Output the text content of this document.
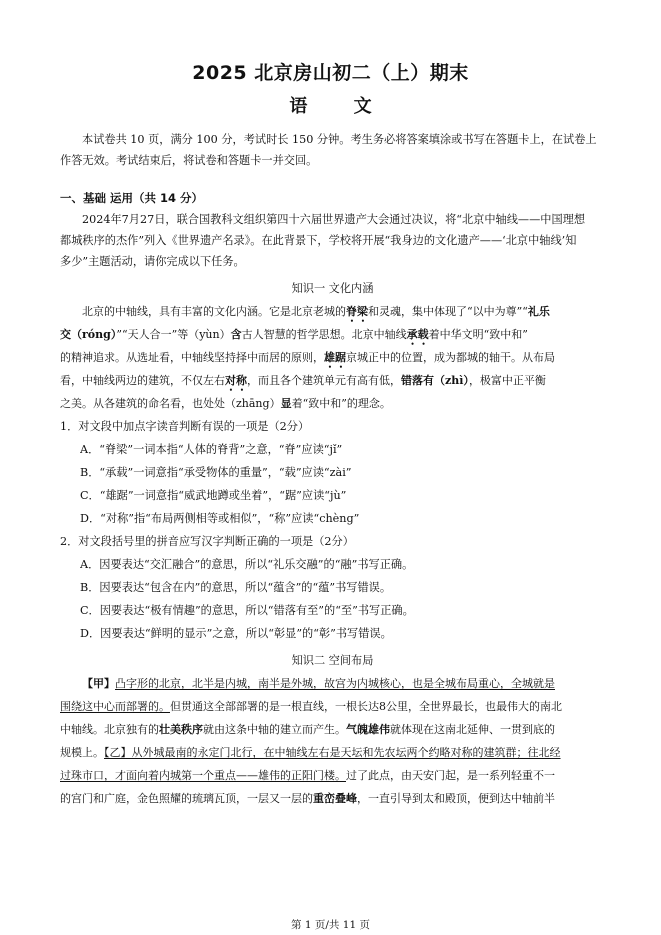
2025 北京房山初二（上）期末
语 文
本试卷共 10 页，满分 100 分，考试时长 150 分钟。考生务必将答案填涂或书写在答题卡上，在试卷上
作答无效。考试结束后，将试卷和答题卡一并交回。
一、基础 运用（共 14 分）
2024年7月27日，联合国教科文组织第四十六届世界遗产大会通过决议，将“北京中轴线——中国理想
都城秩序的杰作”列入《世界遗产名录》。在此背景下，学校将开展“我身边的文化遗产——‘北京中轴线’知
多少”主题活动，请你完成以下任务。
知识一 文化内涵
北京的中轴线，具有丰富的文化内涵。它是北京老城的脊梁和灵魂，集中体现了“以中为尊”“礼乐
交（róng）”“天人合一”等（yùn）含古人智慧的哲学思想。北京中轴线承载着中华文明“致中和”
的精神追求。从选址看，中轴线坚持择中而居的原则，雄踞京城正中的位置，成为都城的轴干。从布局
看，中轴线两边的建筑，不仅左右对称，而且各个建筑单元有高有低，错落有（zhì），极富中正平衡
之美。从各建筑的命名看，也处处（zhāng）显着“致中和”的理念。
1．对文段中加点字读音判断有误的一项是（2分）
A．“脊梁”一词本指“人体的脊背”之意，“脊”应读“jǐ”
B．“承载”一词意指“承受物体的重量”，“载”应读“zài”
C．“雄踞”一词意指“威武地蹲或坐着”，“踞”应读“jù”
D．“对称”指“布局两侧相等或相似”，“称”应读“chèng”
2．对文段括号里的拼音应写汉字判断正确的一项是（2分）
A．因要表达“交汇融合”的意思，所以“礼乐交融”的“融”书写正确。
B．因要表达“包含在内”的意思，所以“蕴含”的“蕴”书写错误。
C．因要表达“极有情趣”的意思，所以“错落有至”的“至”书写正确。
D．因要表达“鲜明的显示”之意，所以“彰显”的“彰”书写错误。
知识二 空间布局
【甲】凸字形的北京，北半是内城，南半是外城，故宫为内城核心，也是全城布局重心，全城就是
围绕这中心而部署的。但贯通这全部部署的是一根直线，一根长达8公里，全世界最长，也最伟大的南北
中轴线。北京独有的壮美秩序就由这条中轴的建立而产生。气魄雄伟就体现在这南北延伸、一贯到底的
规模上。【乙】从外城最南的永定门北行，在中轴线左右是天坛和先农坛两个约略对称的建筑群；往北经
过珠市口，才面向着内城第一个重点——雄伟的正阳门楼。过了此点，由天安门起，是一系列轻重不一
的宫门和广庭，金色照耀的琉璃瓦顶，一层又一层的重峦叠峰，一直引导到太和殿顶，便到达中轴前半
第 1 页/共 11 页
